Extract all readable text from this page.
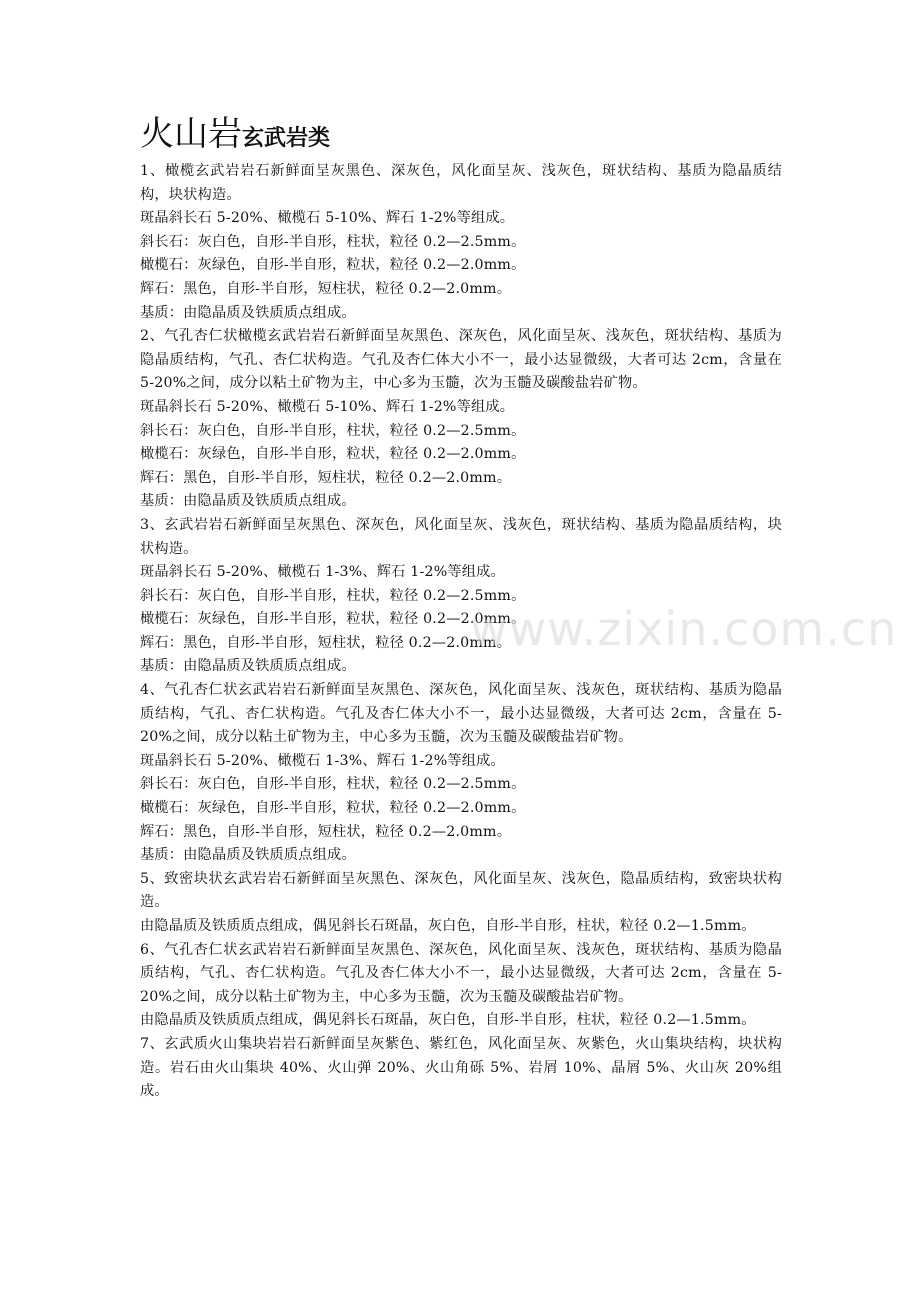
火山岩玄武岩类

1、橄榄玄武岩岩石新鲜面呈灰黑色、深灰色，风化面呈灰、浅灰色，斑状结构、基质为隐晶质结构，块状构造。

斑晶斜长石 5-20%、橄榄石 5-10%、辉石 1-2%等组成。

斜长石：灰白色，自形-半自形，柱状，粒径 0.2—2.5mm。

橄榄石：灰绿色，自形-半自形，粒状，粒径 0.2—2.0mm。

辉石：黑色，自形-半自形，短柱状，粒径 0.2—2.0mm。

基质：由隐晶质及铁质质点组成。

2、气孔杏仁状橄榄玄武岩岩石新鲜面呈灰黑色、深灰色，风化面呈灰、浅灰色，斑状结构、基质为隐晶质结构，气孔、杏仁状构造。气孔及杏仁体大小不一，最小达显微级，大者可达 2cm，含量在 5-20%之间，成分以粘土矿物为主，中心多为玉髓，次为玉髓及碳酸盐岩矿物。

斑晶斜长石 5-20%、橄榄石 5-10%、辉石 1-2%等组成。

斜长石：灰白色，自形-半自形，柱状，粒径 0.2—2.5mm。

橄榄石：灰绿色，自形-半自形，粒状，粒径 0.2—2.0mm。

辉石：黑色，自形-半自形，短柱状，粒径 0.2—2.0mm。

基质：由隐晶质及铁质质点组成。

3、玄武岩岩石新鲜面呈灰黑色、深灰色，风化面呈灰、浅灰色，斑状结构、基质为隐晶质结构，块状构造。

斑晶斜长石 5-20%、橄榄石 1-3%、辉石 1-2%等组成。

斜长石：灰白色，自形-半自形，柱状，粒径 0.2—2.5mm。

橄榄石：灰绿色，自形-半自形，粒状，粒径 0.2—2.0mm。

辉石：黑色，自形-半自形，短柱状，粒径 0.2—2.0mm。

基质：由隐晶质及铁质质点组成。

4、气孔杏仁状玄武岩岩石新鲜面呈灰黑色、深灰色，风化面呈灰、浅灰色，斑状结构、基质为隐晶质结构，气孔、杏仁状构造。气孔及杏仁体大小不一，最小达显微级，大者可达 2cm，含量在 5-20%之间，成分以粘土矿物为主，中心多为玉髓，次为玉髓及碳酸盐岩矿物。

斑晶斜长石 5-20%、橄榄石 1-3%、辉石 1-2%等组成。

斜长石：灰白色，自形-半自形，柱状，粒径 0.2—2.5mm。

橄榄石：灰绿色，自形-半自形，粒状，粒径 0.2—2.0mm。

辉石：黑色，自形-半自形，短柱状，粒径 0.2—2.0mm。

基质：由隐晶质及铁质质点组成。

5、致密块状玄武岩岩石新鲜面呈灰黑色、深灰色，风化面呈灰、浅灰色，隐晶质结构，致密块状构造。

由隐晶质及铁质质点组成，偶见斜长石斑晶，灰白色，自形-半自形，柱状，粒径 0.2—1.5mm。

6、气孔杏仁状玄武岩岩石新鲜面呈灰黑色、深灰色，风化面呈灰、浅灰色，斑状结构、基质为隐晶质结构，气孔、杏仁状构造。气孔及杏仁体大小不一，最小达显微级，大者可达 2cm，含量在 5-20%之间，成分以粘土矿物为主，中心多为玉髓，次为玉髓及碳酸盐岩矿物。

由隐晶质及铁质质点组成，偶见斜长石斑晶，灰白色，自形-半自形，柱状，粒径 0.2—1.5mm。

7、玄武质火山集块岩岩石新鲜面呈灰紫色、紫红色，风化面呈灰、灰紫色，火山集块结构，块状构造。岩石由火山集块 40%、火山弹 20%、火山角砾 5%、岩屑 10%、晶屑 5%、火山灰 20%组成。

www.zixin.com.cn
